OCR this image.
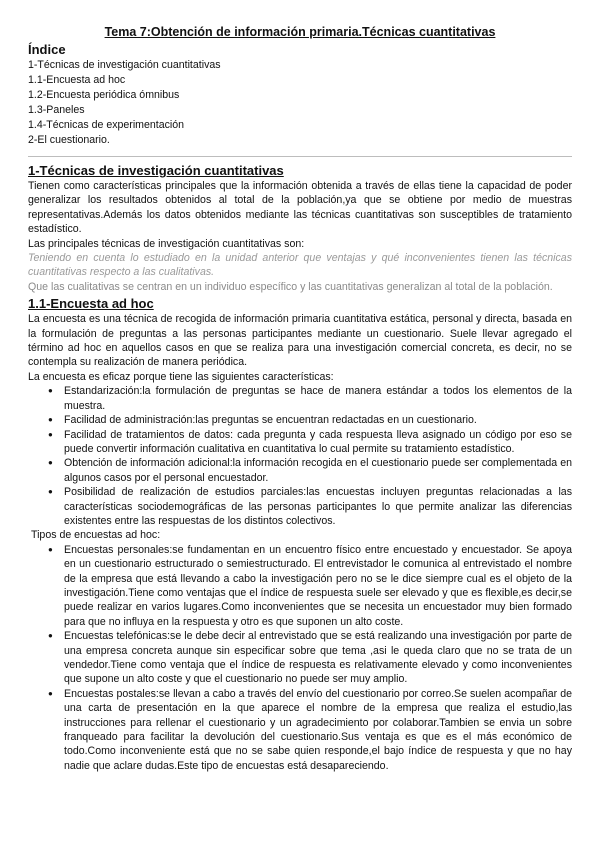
Tema 7:Obtención de información primaria.Técnicas cuantitativas
Índice
1-Técnicas de investigación cuantitativas
1.1-Encuesta ad hoc
1.2-Encuesta periódica ómnibus
1.3-Paneles
1.4-Técnicas de experimentación
2-El cuestionario.
1-Técnicas de investigación cuantitativas

Tienen como características principales que la información obtenida a través de ellas tiene la capacidad de poder generalizar los resultados obtenidos al total de la población,ya que se obtiene por medio de muestras representativas.Además los datos obtenidos mediante las técnicas cuantitativas son susceptibles de tratamiento estadístico.

Las principales técnicas de investigación cuantitativas son:

Teniendo en cuenta lo estudiado en la unidad anterior que ventajas y qué inconvenientes tienen las técnicas cuantitativas respecto a las cualitativas.

Que las cualitativas se centran en un individuo específico y las cuantitativas generalizan al total de la población.

1.1-Encuesta ad hoc

La encuesta es una técnica de recogida de información primaria cuantitativa estática, personal y directa, basada en la formulación de preguntas a las personas participantes mediante un cuestionario. Suele llevar agregado el término ad hoc en aquellos casos en que se realiza para una investigación comercial concreta, es decir, no se contempla su realización de manera periódica.

La encuesta es eficaz porque tiene las siguientes características:

● Estandarización:la formulación de preguntas se hace de manera estándar a todos los elementos de la muestra.
● Facilidad de administración:las preguntas se encuentran redactadas en un cuestionario.
● Facilidad de tratamientos de datos: cada pregunta y cada respuesta lleva asignado un código por eso se puede convertir información cualitativa en cuantitativa lo cual permite su tratamiento estadístico.
● Obtención de información adicional:la información recogida en el cuestionario puede ser complementada en algunos casos por el personal encuestador.
● Posibilidad de realización de estudios parciales:las encuestas incluyen preguntas relacionadas a las características sociodemográficas de las personas participantes lo que permite analizar las diferencias existentes entre las respuestas de los distintos colectivos.

Tipos de encuestas ad hoc:

● Encuestas personales:se fundamentan en un encuentro físico entre encuestado y encuestador. Se apoya en un cuestionario estructurado o semiestructurado. El entrevistador le comunica al entrevistado el nombre de la empresa que está llevando a cabo la investigación pero no se le dice siempre cual es el objeto de la investigación.Tiene como ventajas que el índice de respuesta suele ser elevado y que es flexible,es decir,se puede realizar en varios lugares.Como inconvenientes que se necesita un encuestador muy bien formado para que no influya en la respuesta y otro es que suponen un alto coste.
● Encuestas telefónicas:se le debe decir al entrevistado que se está realizando una investigación por parte de una empresa concreta aunque sin especificar sobre que tema ,asi le queda claro que no se trata de un vendedor.Tiene como ventaja que el índice de respuesta es relativamente elevado y como inconvenientes que supone un alto coste y que el cuestionario no puede ser muy amplio.
● Encuestas postales:se llevan a cabo a través del envío del cuestionario por correo.Se suelen acompañar de una carta de presentación en la que aparece el nombre de la empresa que realiza el estudio,las instrucciones para rellenar el cuestionario y un agradecimiento por colaborar.Tambien se envia un sobre franqueado para facilitar la devolución del cuestionario.Sus ventaja es que es el más económico de todo.Como inconveniente está que no se sabe quien responde,el bajo índice de respuesta y que no hay nadie que aclare dudas.Este tipo de encuestas está desapareciendo.
